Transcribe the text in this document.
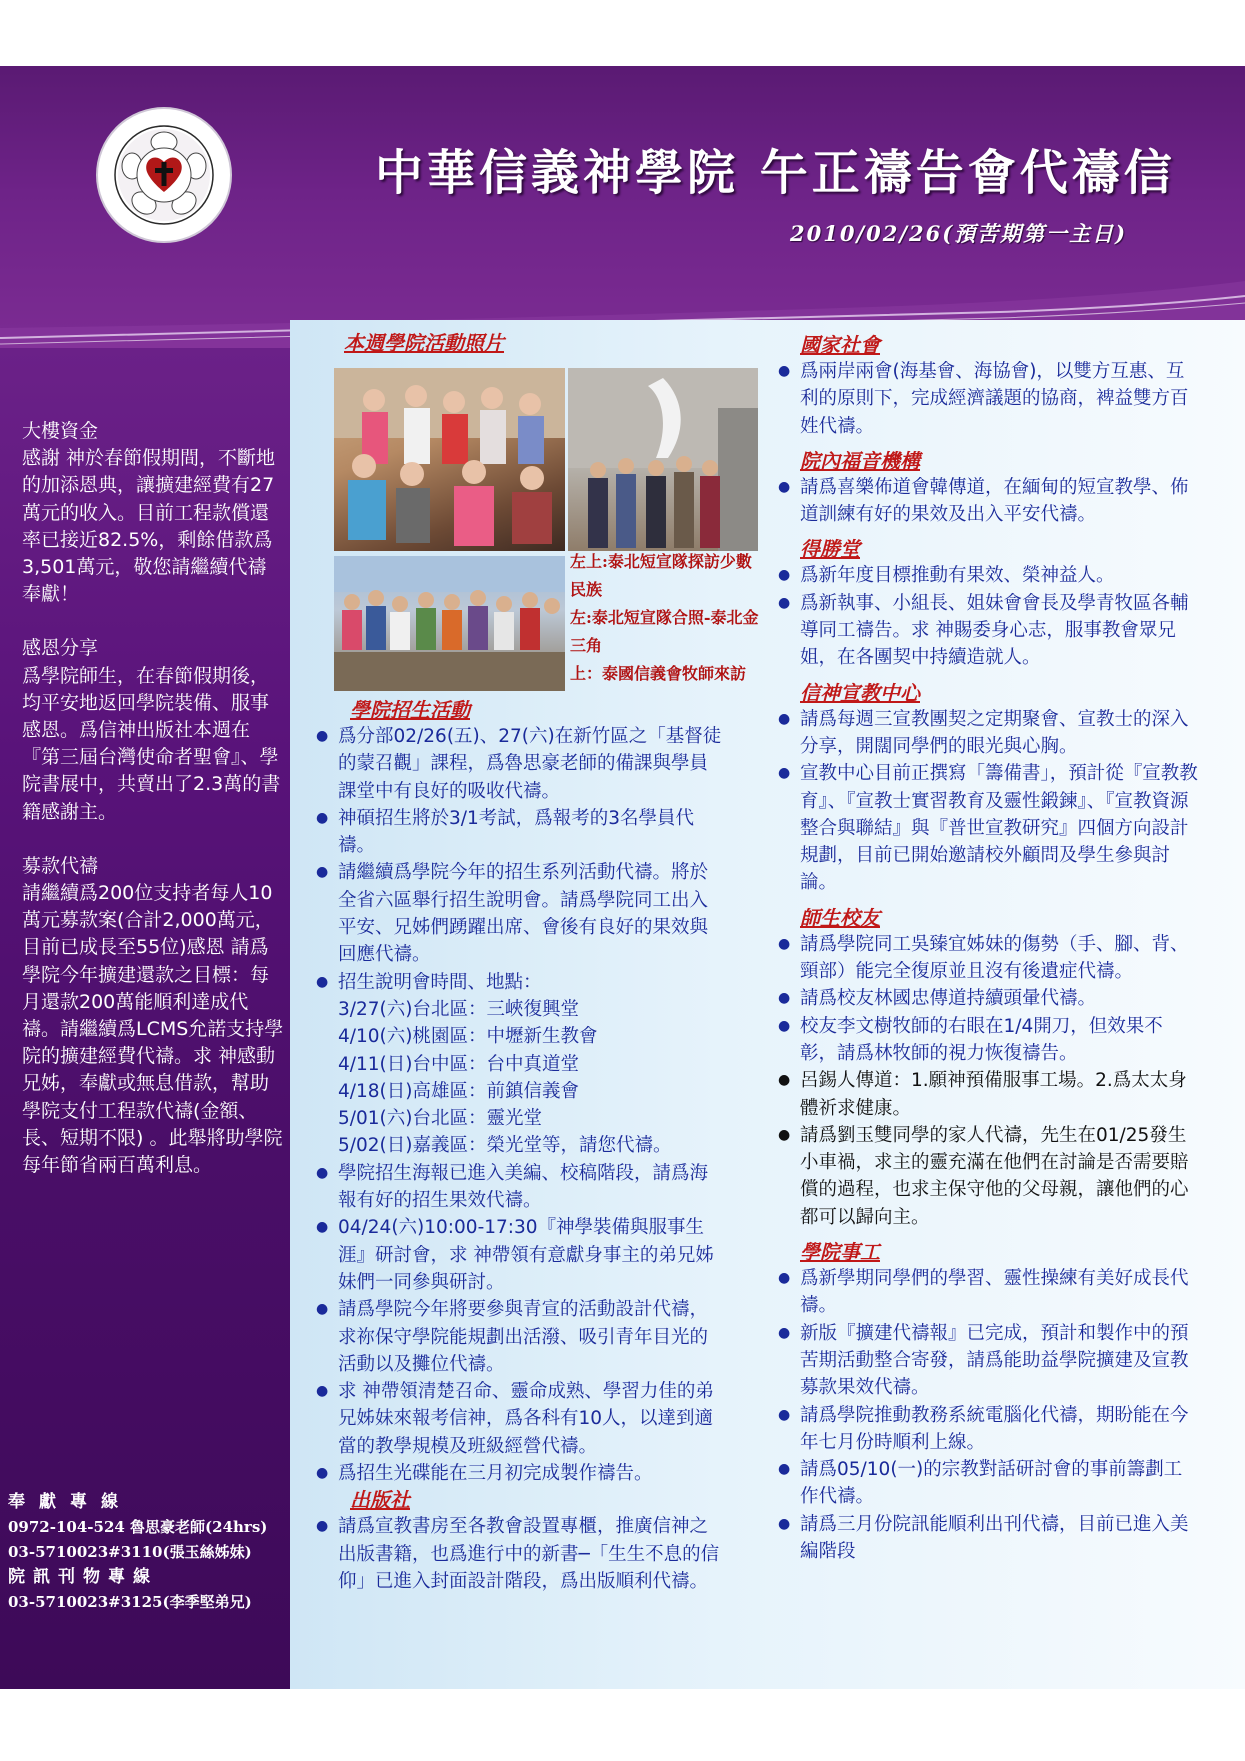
中華信義神學院 午正禱告會代禱信
2010/02/26(預苦期第一主日)
大樓資金
感謝 神於春節假期間，不斷地的加添恩典，讓擴建經費有27萬元的收入。目前工程款償還率已接近82.5%，剩餘借款爲3,501萬元，敬您請繼續代禱奉獻！
感恩分享
爲學院師生，在春節假期後，均平安地返回學院裝備、服事感恩。爲信神出版社本週在『第三屆台灣使命者聖會』、學院書展中，共賣出了2.3萬的書籍感謝主。
募款代禱
請繼續爲200位支持者每人10萬元募款案(合計2,000萬元，目前已成長至55位)感恩 請爲學院今年擴建還款之目標：每月還款200萬能順利達成代禱。請繼續爲LCMS允諾支持學院的擴建經費代禱。求 神感動兄姊，奉獻或無息借款，幫助學院支付工程款代禱(金額、長、短期不限) 。此舉將助學院每年節省兩百萬利息。
奉獻專線
0972-104-524 魯思豪老師(24hrs)
03-5710023#3110(張玉絲姊妹)
院訊刊物專線
03-5710023#3125(李季堅弟兄)
本週學院活動照片
左上:泰北短宣隊探訪少數民族
左:泰北短宣隊合照-泰北金三角
上：泰國信義會牧師來訪
學院招生活動
● 爲分部02/26(五)、27(六)在新竹區之「基督徒的蒙召觀」課程，爲魯思豪老師的備課與學員課堂中有良好的吸收代禱。
● 神碩招生將於3/1考試，爲報考的3名學員代禱。
● 請繼續爲學院今年的招生系列活動代禱。將於全省六區舉行招生說明會。請爲學院同工出入平安、兄姊們踴躍出席、會後有良好的果效與回應代禱。
● 招生說明會時間、地點：
3/27(六)台北區：三峽復興堂
4/10(六)桃園區：中壢新生教會
4/11(日)台中區：台中真道堂
4/18(日)高雄區：前鎮信義會
5/01(六)台北區：靈光堂
5/02(日)嘉義區：榮光堂等，請您代禱。
● 學院招生海報已進入美編、校稿階段，請爲海報有好的招生果效代禱。
● 04/24(六)10:00-17:30『神學裝備與服事生涯』研討會，求 神帶領有意獻身事主的弟兄姊妹們一同參與研討。
● 請爲學院今年將要參與青宣的活動設計代禱，求祢保守學院能規劃出活潑、吸引青年目光的活動以及攤位代禱。
● 求 神帶領清楚召命、靈命成熟、學習力佳的弟兄姊妹來報考信神，爲各科有10人，以達到適當的教學規模及班級經營代禱。
● 爲招生光碟能在三月初完成製作禱告。
出版社
● 請爲宣教書房至各教會設置專櫃，推廣信神之出版書籍，也爲進行中的新書─「生生不息的信仰」已進入封面設計階段，爲出版順利代禱。
國家社會
● 爲兩岸兩會(海基會、海協會)，以雙方互惠、互利的原則下，完成經濟議題的協商，裨益雙方百姓代禱。
院內福音機構
● 請爲喜樂佈道會韓傳道，在緬甸的短宣教學、佈道訓練有好的果效及出入平安代禱。
得勝堂
● 爲新年度目標推動有果效、榮神益人。
● 爲新執事、小組長、姐妹會會長及學青牧區各輔導同工禱告。求 神賜委身心志，服事教會眾兄姐，在各團契中持續造就人。
信神宣教中心
● 請爲每週三宣教團契之定期聚會、宣教士的深入分享，開闊同學們的眼光與心胸。
● 宣教中心目前正撰寫「籌備書」，預計從『宣教教育』、『宣教士實習教育及靈性鍛鍊』、『宣教資源整合與聯結』與『普世宣教研究』四個方向設計規劃，目前已開始邀請校外顧問及學生參與討論。
師生校友
● 請爲學院同工吳臻宜姊妹的傷勢（手、腳、背、頸部）能完全復原並且沒有後遺症代禱。
● 請爲校友林國忠傳道持續頭暈代禱。
● 校友李文樹牧師的右眼在1/4開刀，但效果不彰，請爲林牧師的視力恢復禱告。
● 呂錫人傳道：1.願神預備服事工場。2.爲太太身體祈求健康。
● 請爲劉玉雙同學的家人代禱，先生在01/25發生小車禍，求主的靈充滿在他們在討論是否需要賠償的過程，也求主保守他的父母親，讓他們的心都可以歸向主。
學院事工
● 爲新學期同學們的學習、靈性操練有美好成長代禱。
● 新版『擴建代禱報』已完成，預計和製作中的預苦期活動整合寄發，請爲能助益學院擴建及宣教募款果效代禱。
● 請爲學院推動教務系統電腦化代禱，期盼能在今年七月份時順利上線。
● 請爲05/10(一)的宗教對話研討會的事前籌劃工作代禱。
● 請爲三月份院訊能順利出刊代禱，目前已進入美編階段
